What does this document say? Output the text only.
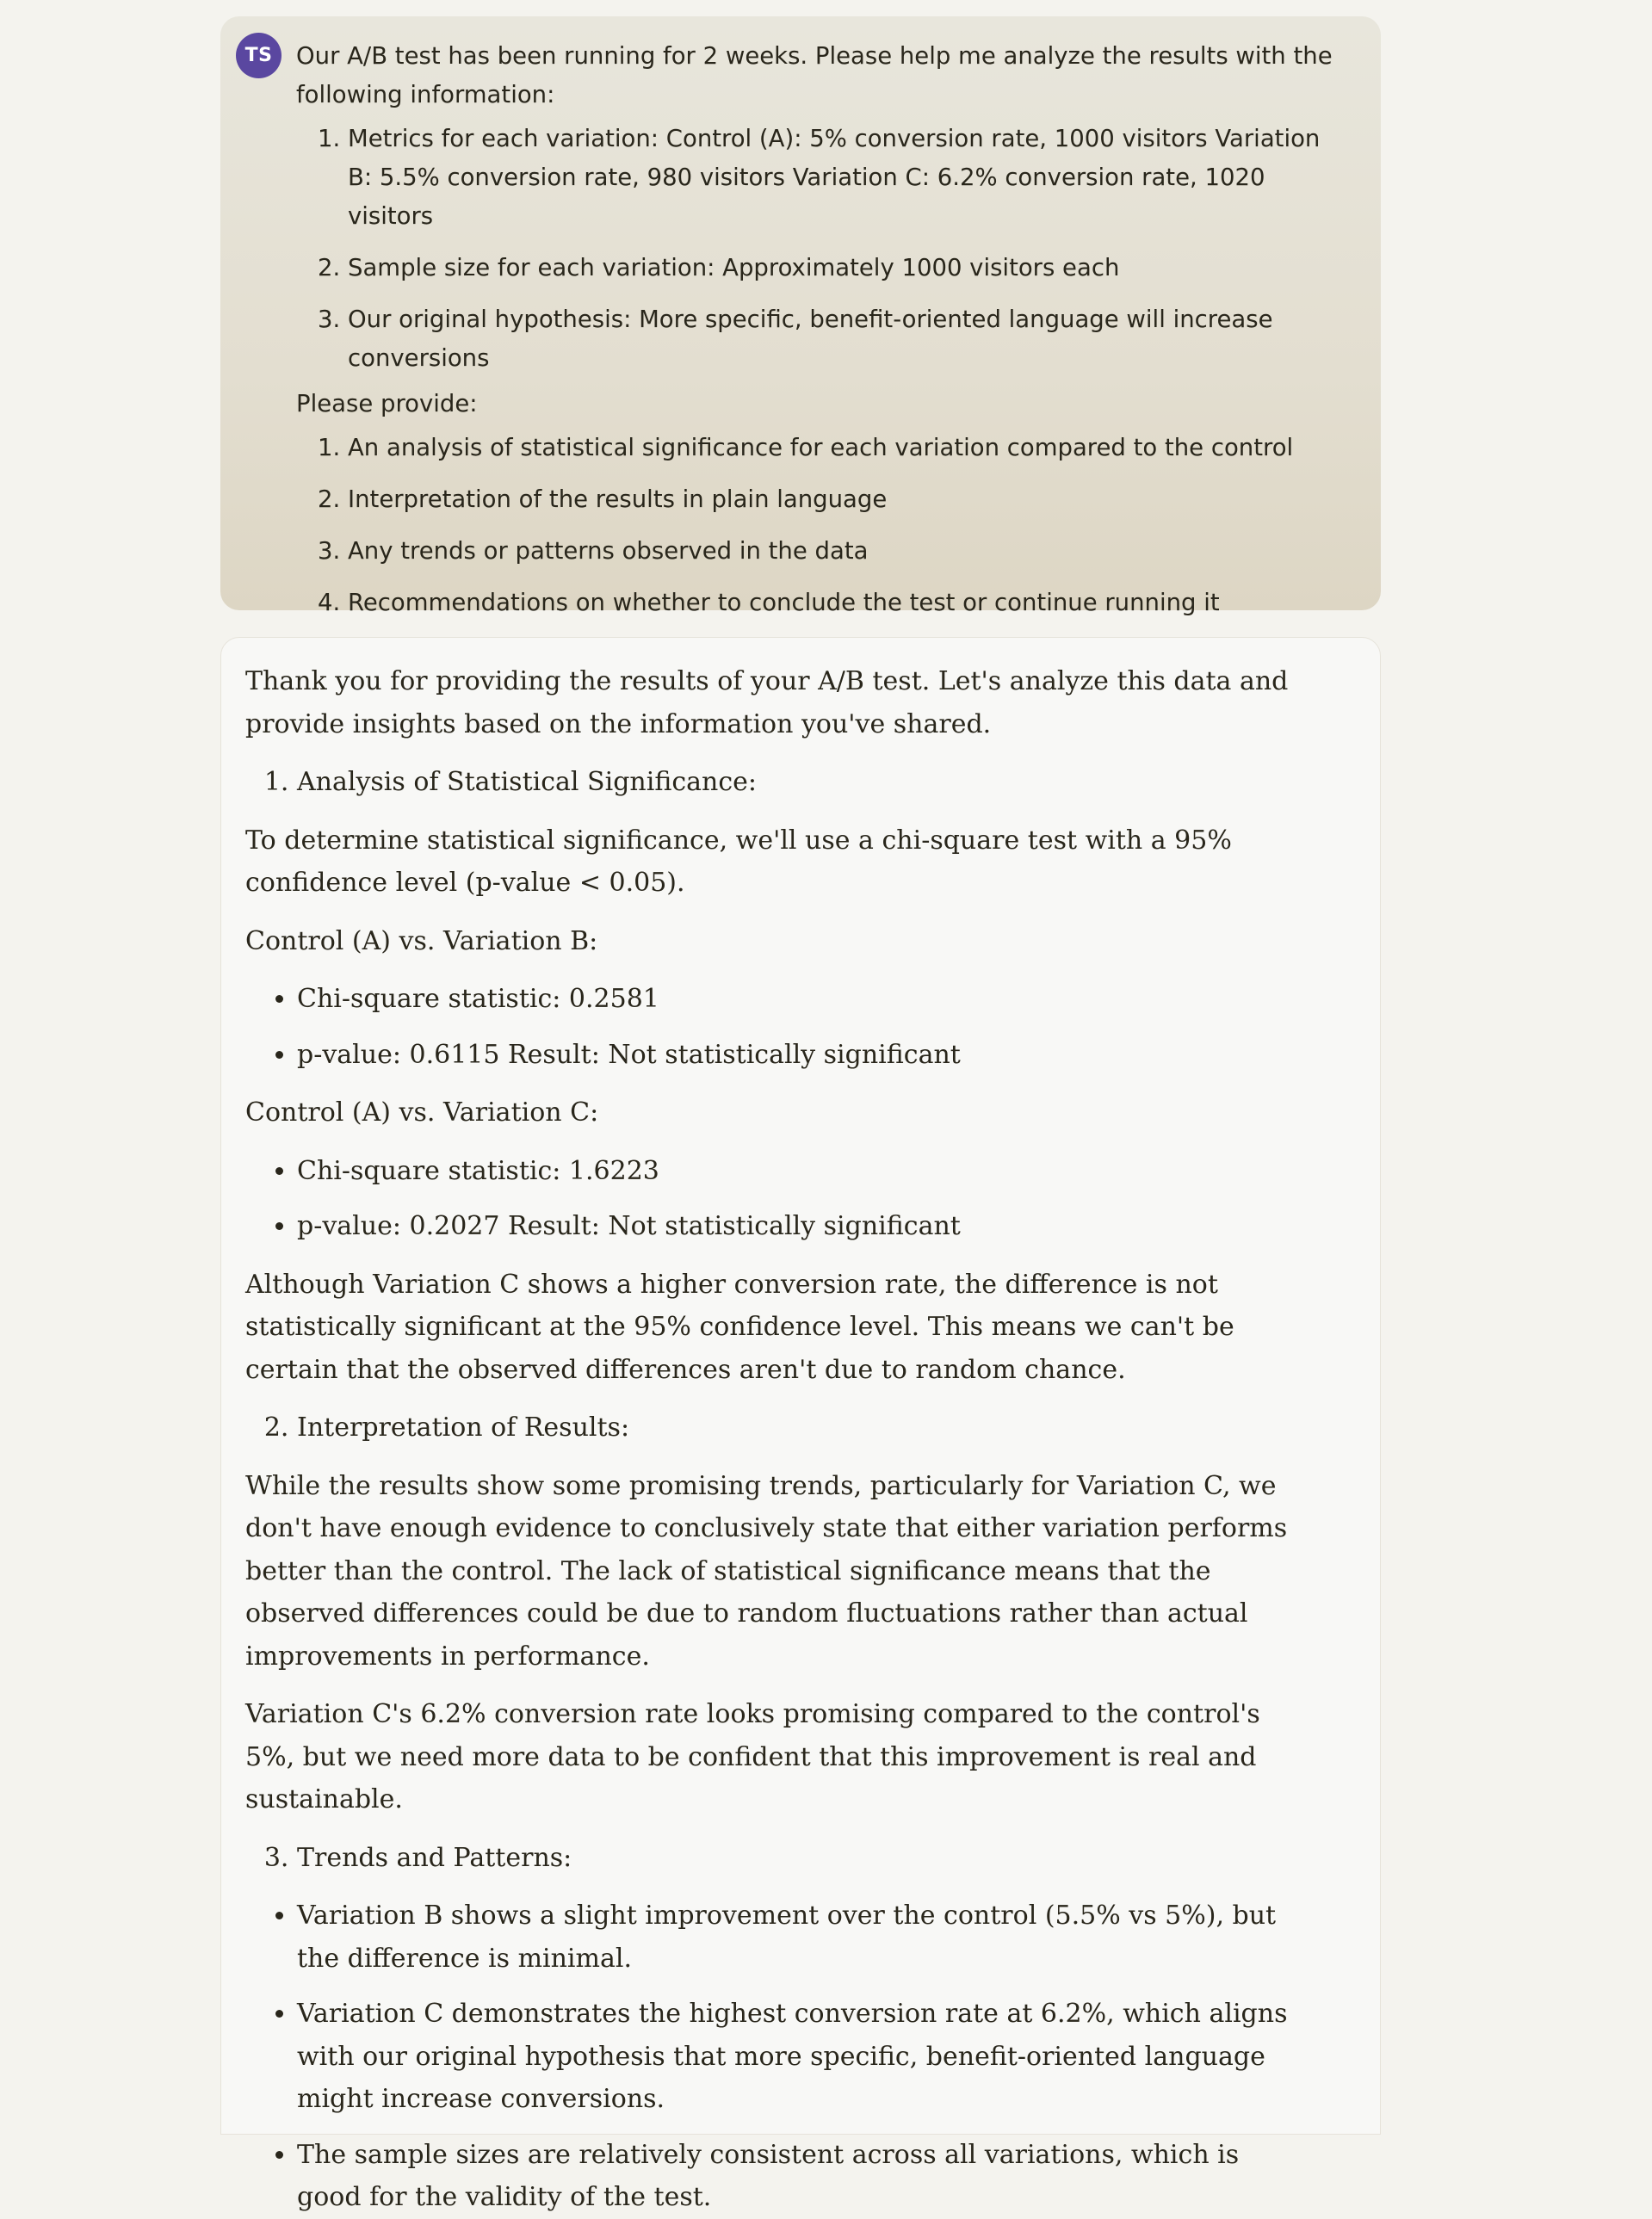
TS	Our A/B test has been running for 2 weeks. Please help me analyze the results with the following information:

1. Metrics for each variation: Control (A): 5% conversion rate, 1000 visitors Variation B: 5.5% conversion rate, 980 visitors Variation C: 6.2% conversion rate, 1020 visitors
2. Sample size for each variation: Approximately 1000 visitors each
3. Our original hypothesis: More specific, benefit-oriented language will increase conversions

Please provide:

1. An analysis of statistical significance for each variation compared to the control
2. Interpretation of the results in plain language
3. Any trends or patterns observed in the data
4. Recommendations on whether to conclude the test or continue running it

Thank you for providing the results of your A/B test. Let's analyze this data and provide insights based on the information you've shared.

1. Analysis of Statistical Significance:

To determine statistical significance, we'll use a chi-square test with a 95% confidence level (p-value < 0.05).

Control (A) vs. Variation B:

• Chi-square statistic: 0.2581
• p-value: 0.6115 Result: Not statistically significant

Control (A) vs. Variation C:

• Chi-square statistic: 1.6223
• p-value: 0.2027 Result: Not statistically significant

Although Variation C shows a higher conversion rate, the difference is not statistically significant at the 95% confidence level. This means we can't be certain that the observed differences aren't due to random chance.

2. Interpretation of Results:

While the results show some promising trends, particularly for Variation C, we don't have enough evidence to conclusively state that either variation performs better than the control. The lack of statistical significance means that the observed differences could be due to random fluctuations rather than actual improvements in performance.

Variation C's 6.2% conversion rate looks promising compared to the control's 5%, but we need more data to be confident that this improvement is real and sustainable.

3. Trends and Patterns:
• Variation B shows a slight improvement over the control (5.5% vs 5%), but the difference is minimal.
• Variation C demonstrates the highest conversion rate at 6.2%, which aligns with our original hypothesis that more specific, benefit-oriented language might increase conversions.
• The sample sizes are relatively consistent across all variations, which is good for the validity of the test.
